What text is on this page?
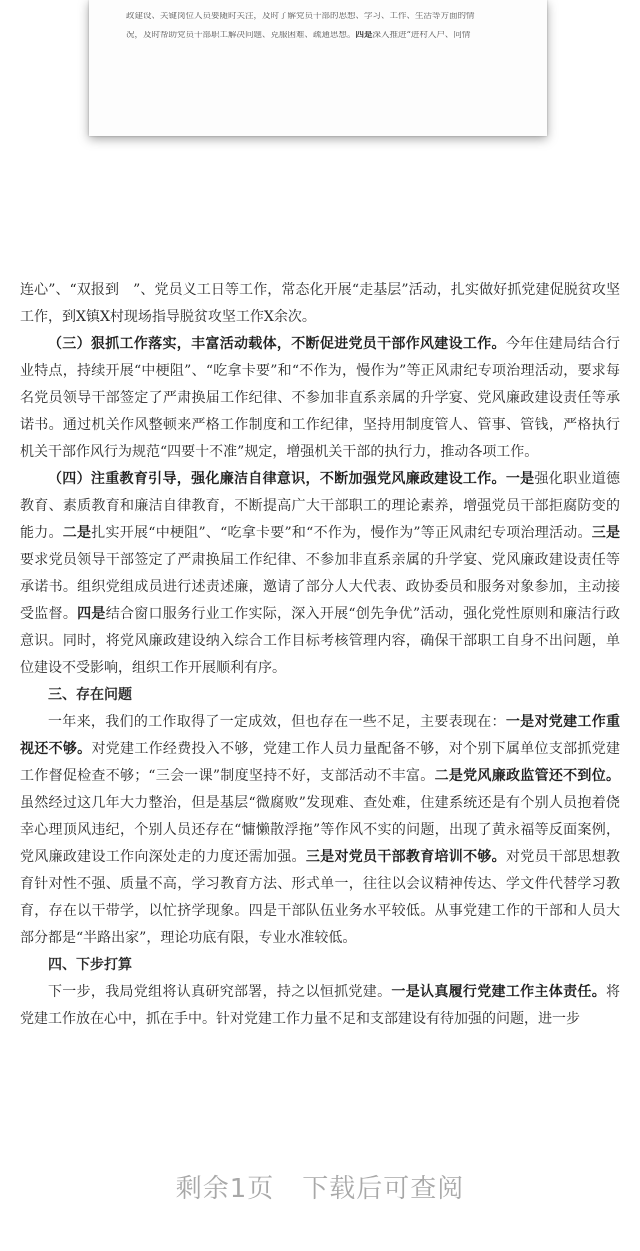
政建设、关键岗位人员要随时关注，及时了解党员干部的思想、学习、工作、生活等方面的情

况，及时帮助党员干部职工解决问题、克服困难、疏通思想。四是深入推进“进村入户、问情

连心”、“双报到　”、党员义工日等工作，常态化开展“走基层”活动，扎实做好抓党建促脱贫攻坚工作，到X镇X村现场指导脱贫攻坚工作X余次。

（三）狠抓工作落实，丰富活动载体，不断促进党员干部作风建设工作。今年住建局结合行业特点，持续开展“中梗阻”、“吃拿卡要”和“不作为，慢作为”等正风肃纪专项治理活动，要求每名党员领导干部签定了严肃换届工作纪律、不参加非直系亲属的升学宴、党风廉政建设责任等承诺书。通过机关作风整顿来严格工作制度和工作纪律，坚持用制度管人、管事、管钱，严格执行机关干部作风行为规范“四要十不准”规定，增强机关干部的执行力，推动各项工作。

（四）注重教育引导，强化廉洁自律意识，不断加强党风廉政建设工作。一是强化职业道德教育、素质教育和廉洁自律教育，不断提高广大干部职工的理论素养，增强党员干部拒腐防变的能力。二是扎实开展“中梗阻”、“吃拿卡要”和“不作为，慢作为”等正风肃纪专项治理活动。三是要求党员领导干部签定了严肃换届工作纪律、不参加非直系亲属的升学宴、党风廉政建设责任等承诺书。组织党组成员进行述责述廉，邀请了部分人大代表、政协委员和服务对象参加，主动接受监督。四是结合窗口服务行业工作实际，深入开展“创先争优”活动，强化党性原则和廉洁行政意识。同时，将党风廉政建设纳入综合工作目标考核管理内容，确保干部职工自身不出问题，单位建设不受影响，组织工作开展顺利有序。

三、存在问题

一年来，我们的工作取得了一定成效，但也存在一些不足，主要表现在：一是对党建工作重视还不够。对党建工作经费投入不够，党建工作人员力量配备不够，对个别下属单位支部抓党建工作督促检查不够；“三会一课”制度坚持不好，支部活动不丰富。二是党风廉政监管还不到位。虽然经过这几年大力整治，但是基层“微腐败”发现难、查处难，住建系统还是有个别人员抱着侥幸心理顶风违纪，个别人员还存在“慵懒散浮拖”等作风不实的问题，出现了黄永福等反面案例，党风廉政建设工作向深处走的力度还需加强。三是对党员干部教育培训不够。对党员干部思想教育针对性不强、质量不高，学习教育方法、形式单一，往往以会议精神传达、学文件代替学习教育，存在以干带学，以忙挤学现象。四是干部队伍业务水平较低。从事党建工作的干部和人员大部分都是“半路出家”，理论功底有限，专业水准较低。

四、下步打算

下一步，我局党组将认真研究部署，持之以恒抓党建。一是认真履行党建工作主体责任。将党建工作放在心中，抓在手中。针对党建工作力量不足和支部建设有待加强的问题，进一步

剩余1页 下载后可查阅
